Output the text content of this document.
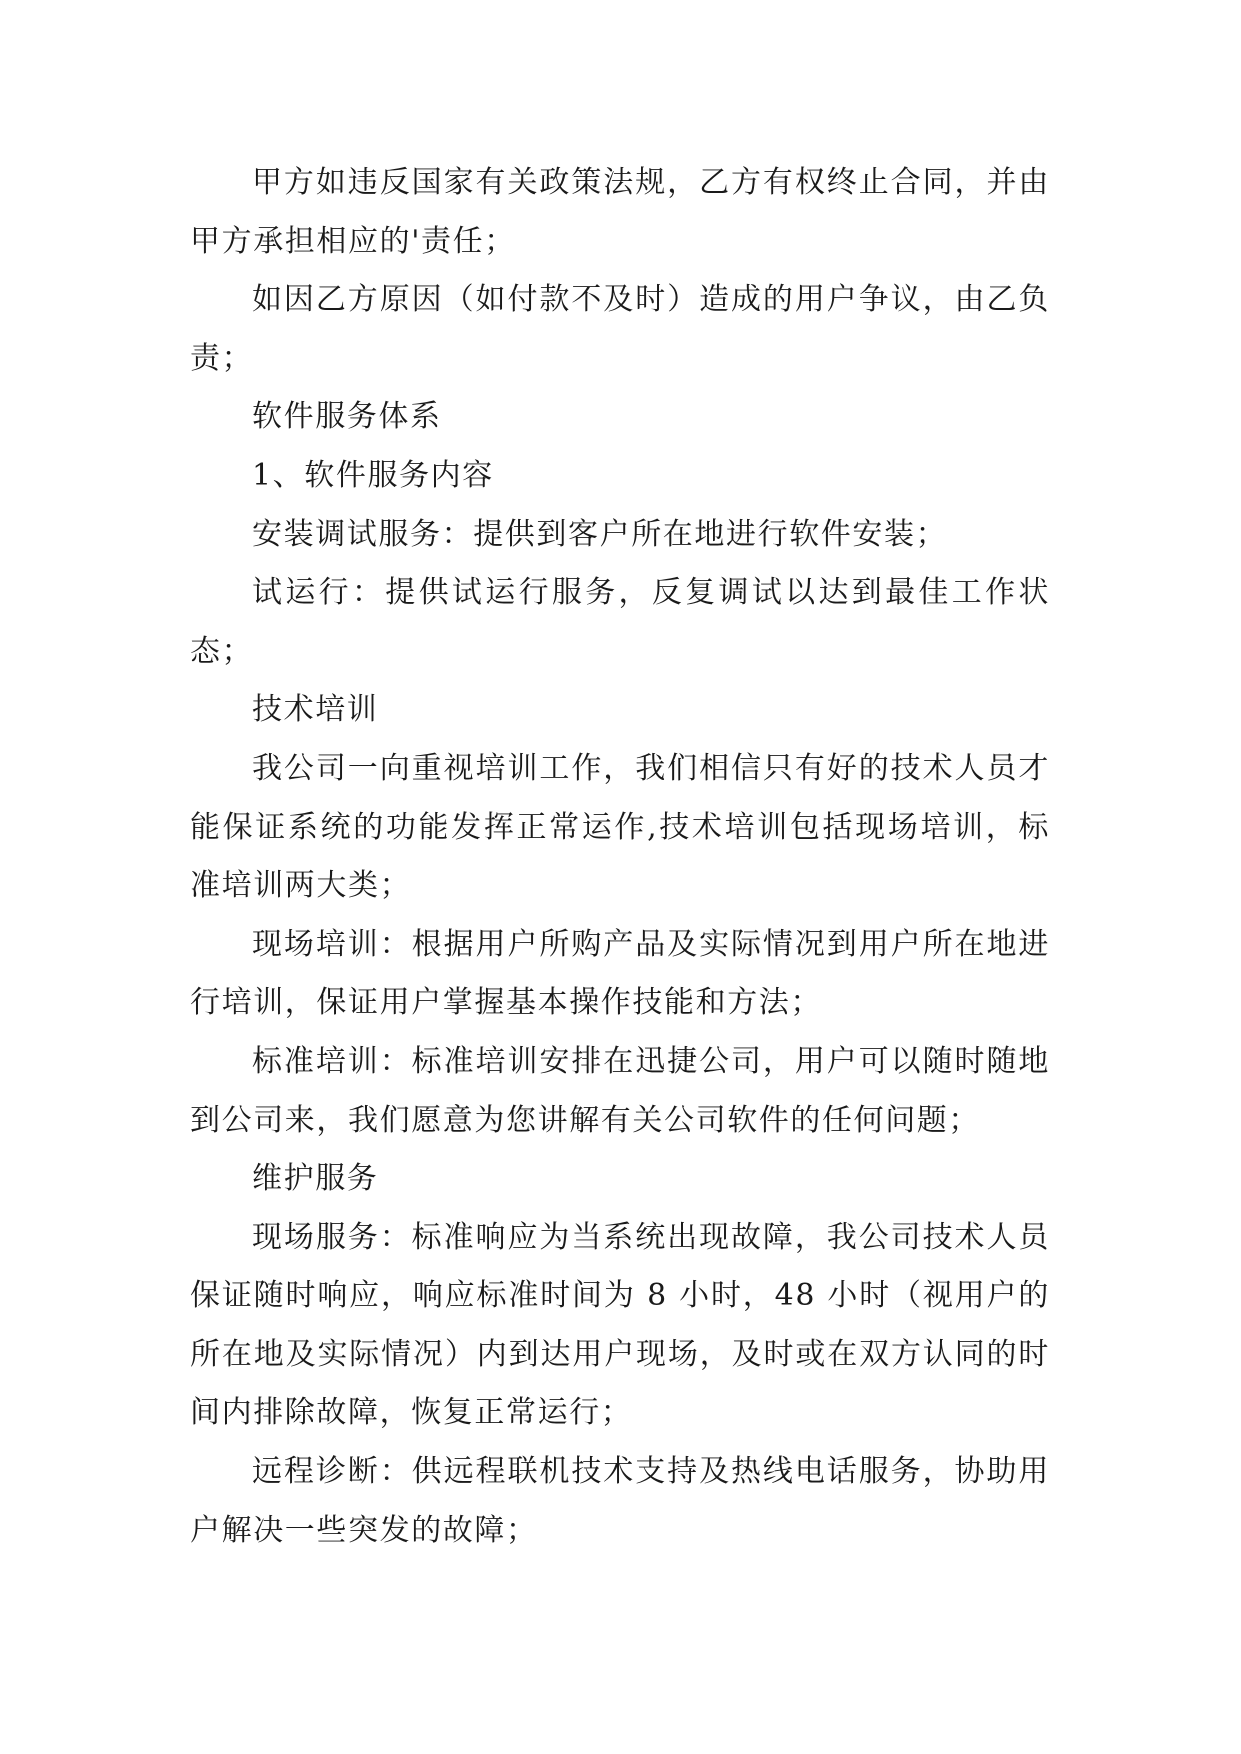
甲方如违反国家有关政策法规，乙方有权终止合同，并由甲方承担相应的'责任；

如因乙方原因（如付款不及时）造成的用户争议，由乙负责；

软件服务体系

1、软件服务内容

安装调试服务：提供到客户所在地进行软件安装；

试运行：提供试运行服务，反复调试以达到最佳工作状态；

技术培训

我公司一向重视培训工作，我们相信只有好的技术人员才能保证系统的功能发挥正常运作,技术培训包括现场培训，标准培训两大类；

现场培训：根据用户所购产品及实际情况到用户所在地进行培训，保证用户掌握基本操作技能和方法；

标准培训：标准培训安排在迅捷公司，用户可以随时随地到公司来，我们愿意为您讲解有关公司软件的任何问题；

维护服务

现场服务：标准响应为当系统出现故障，我公司技术人员保证随时响应，响应标准时间为 8 小时，48 小时（视用户的所在地及实际情况）内到达用户现场，及时或在双方认同的时间内排除故障，恢复正常运行；

远程诊断：供远程联机技术支持及热线电话服务，协助用户解决一些突发的故障；
